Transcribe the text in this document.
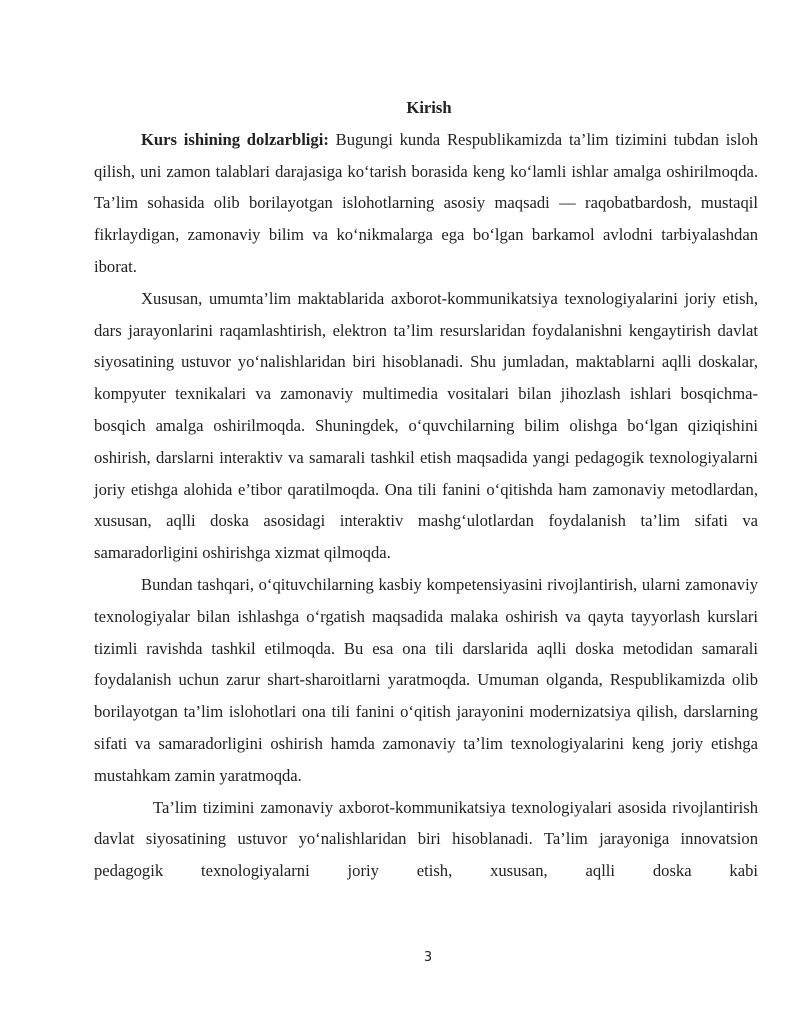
Kirish

Kurs ishining dolzarbligi: Bugungi kunda Respublikamizda ta’lim tizimini tubdan isloh qilish, uni zamon talablari darajasiga ko‘tarish borasida keng ko‘lamli ishlar amalga oshirilmoqda. Ta’lim sohasida olib borilayotgan islohotlarning asosiy maqsadi — raqobatbardosh, mustaqil fikrlaydigan, zamonaviy bilim va ko‘nikmalarga ega bo‘lgan barkamol avlodni tarbiyalashdan iborat.

Xususan, umumta’lim maktablarida axborot-kommunikatsiya texnologiyalarini joriy etish, dars jarayonlarini raqamlashtirish, elektron ta’lim resurslaridan foydalanishni kengaytirish davlat siyosatining ustuvor yo‘nalishlaridan biri hisoblanadi. Shu jumladan, maktablarni aqlli doskalar, kompyuter texnikalari va zamonaviy multimedia vositalari bilan jihozlash ishlari bosqichma-bosqich amalga oshirilmoqda. Shuningdek, o‘quvchilarning bilim olishga bo‘lgan qiziqishini oshirish, darslarni interaktiv va samarali tashkil etish maqsadida yangi pedagogik texnologiyalarni joriy etishga alohida e’tibor qaratilmoqda. Ona tili fanini o‘qitishda ham zamonaviy metodlardan, xususan, aqlli doska asosidagi interaktiv mashg‘ulotlardan foydalanish ta’lim sifati va samaradorligini oshirishga xizmat qilmoqda.

Bundan tashqari, o‘qituvchilarning kasbiy kompetensiyasini rivojlantirish, ularni zamonaviy texnologiyalar bilan ishlashga o‘rgatish maqsadida malaka oshirish va qayta tayyorlash kurslari tizimli ravishda tashkil etilmoqda. Bu esa ona tili darslarida aqlli doska metodidan samarali foydalanish uchun zarur shart-sharoitlarni yaratmoqda. Umuman olganda, Respublikamizda olib borilayotgan ta’lim islohotlari ona tili fanini o‘qitish jarayonini modernizatsiya qilish, darslarning sifati va samaradorligini oshirish hamda zamonaviy ta’lim texnologiyalarini keng joriy etishga mustahkam zamin yaratmoqda.

Ta’lim tizimini zamonaviy axborot-kommunikatsiya texnologiyalari asosida rivojlantirish davlat siyosatining ustuvor yo‘nalishlaridan biri hisoblanadi. Ta’lim jarayoniga innovatsion pedagogik texnologiyalarni joriy etish, xususan, aqlli doska kabi

3
